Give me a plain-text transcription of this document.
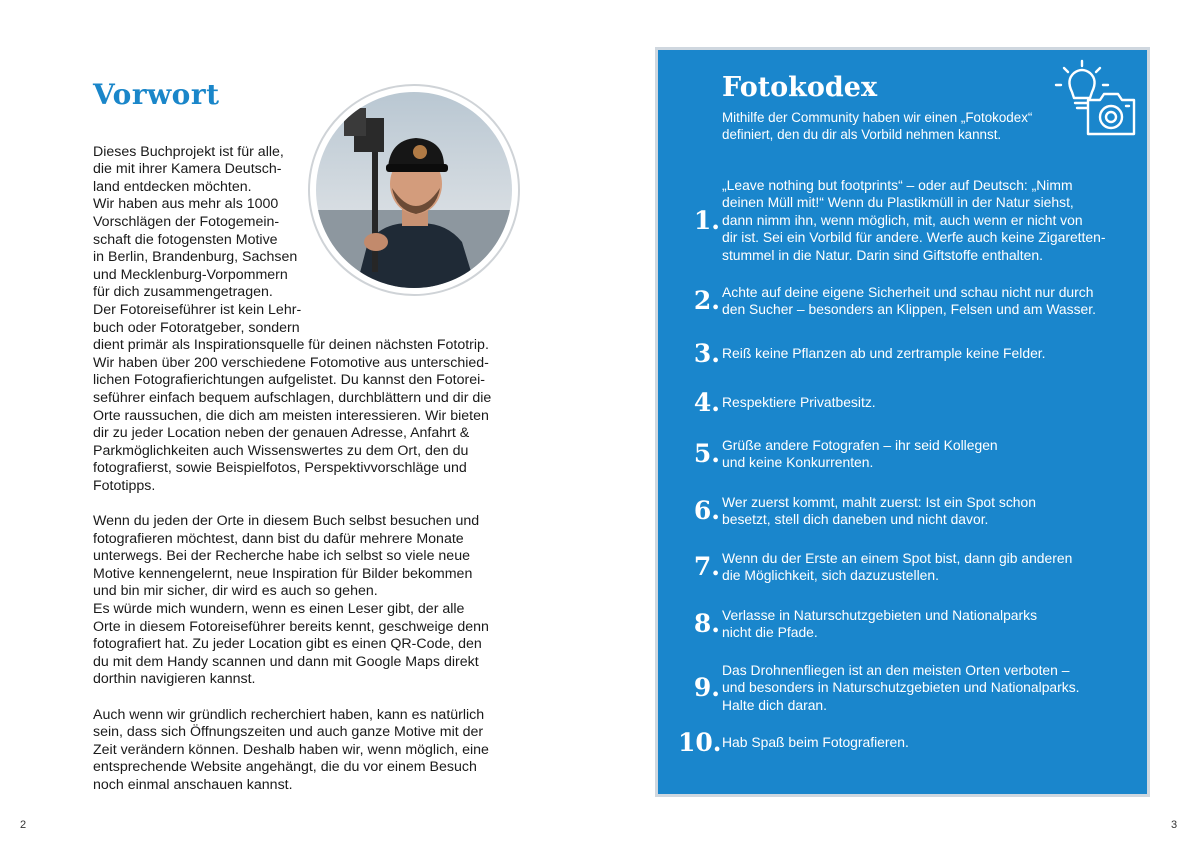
Vorwort

Dieses Buchprojekt ist für alle,
die mit ihrer Kamera Deutsch-
land entdecken möchten.
Wir haben aus mehr als 1000
Vorschlägen der Fotogemein-
schaft die fotogensten Motive
in Berlin, Brandenburg, Sachsen
und Mecklenburg-Vorpommern
für dich zusammengetragen.
Der Fotoreiseführer ist kein Lehr-
buch oder Fotoratgeber, sondern
dient primär als Inspirationsquelle für deinen nächsten Fototrip.
Wir haben über 200 verschiedene Fotomotive aus unterschied-
lichen Fotografierichtungen aufgelistet. Du kannst den Fotorei-
seführer einfach bequem aufschlagen, durchblättern und dir die
Orte raussuchen, die dich am meisten interessieren. Wir bieten
dir zu jeder Location neben der genauen Adresse, Anfahrt &
Parkmöglichkeiten auch Wissenswertes zu dem Ort, den du
fotografierst, sowie Beispielfotos, Perspektivvorschläge und
Fototipps.

Wenn du jeden der Orte in diesem Buch selbst besuchen und
fotografieren möchtest, dann bist du dafür mehrere Monate
unterwegs. Bei der Recherche habe ich selbst so viele neue
Motive kennengelernt, neue Inspiration für Bilder bekommen
und bin mir sicher, dir wird es auch so gehen.
Es würde mich wundern, wenn es einen Leser gibt, der alle
Orte in diesem Fotoreiseführer bereits kennt, geschweige denn
fotografiert hat. Zu jeder Location gibt es einen QR-Code, den
du mit dem Handy scannen und dann mit Google Maps direkt
dorthin navigieren kannst.

Auch wenn wir gründlich recherchiert haben, kann es natürlich
sein, dass sich Öffnungszeiten und auch ganze Motive mit der
Zeit verändern können. Deshalb haben wir, wenn möglich, eine
entsprechende Website angehängt, die du vor einem Besuch
noch einmal anschauen kannst.

2
Fotokodex
Mithilfe der Community haben wir einen „Fotokodex“
definiert, den du dir als Vorbild nehmen kannst.
1.
„Leave nothing but footprints“ – oder auf Deutsch: „Nimm
deinen Müll mit!“ Wenn du Plastikmüll in der Natur siehst,
dann nimm ihn, wenn möglich, mit, auch wenn er nicht von
dir ist. Sei ein Vorbild für andere. Werfe auch keine Zigaretten-
stummel in die Natur. Darin sind Giftstoffe enthalten.
2. Achte auf deine eigene Sicherheit und schau nicht nur durch
den Sucher – besonders an Klippen, Felsen und am Wasser.
3. Reiß keine Pflanzen ab und zertrample keine Felder.
4. Respektiere Privatbesitz.
5. Grüße andere Fotografen – ihr seid Kollegen
und keine Konkurrenten.
6. Wer zuerst kommt, mahlt zuerst: Ist ein Spot schon
besetzt, stell dich daneben und nicht davor.
7. Wenn du der Erste an einem Spot bist, dann gib anderen
die Möglichkeit, sich dazuzustellen.
8. Verlasse in Naturschutzgebieten und Nationalparks
nicht die Pfade.
9.
Das Drohnenfliegen ist an den meisten Orten verboten –
und besonders in Naturschutzgebieten und Nationalparks.
Halte dich daran.
10. Hab Spaß beim Fotografieren.
3
